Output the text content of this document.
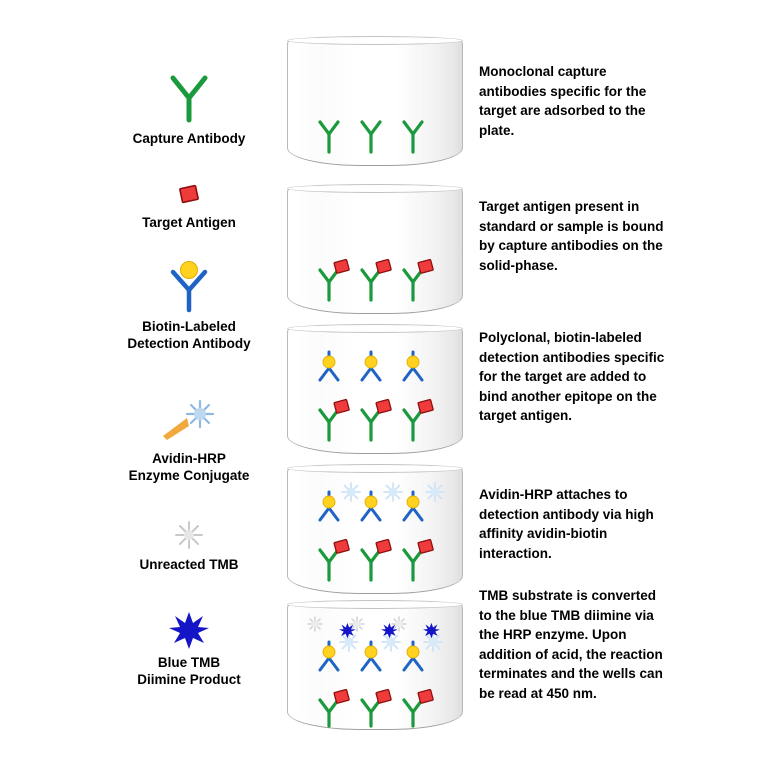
Capture Antibody
Target Antigen
Biotin-Labeled
Detection Antibody
Avidin-HRP
Enzyme Conjugate
Unreacted TMB
Blue TMB
Diimine Product
Monoclonal capture antibodies specific for the target are adsorbed to the plate.
Target antigen present in standard or sample is bound by capture antibodies on the solid-phase.
Polyclonal, biotin-labeled detection antibodies specific for the target are added to bind another epitope on the target antigen.
Avidin-HRP attaches to detection antibody via high affinity avidin-biotin interaction.
TMB substrate is converted to the blue TMB diimine via the HRP enzyme. Upon addition of acid, the reaction terminates and the wells can be read at 450 nm.
